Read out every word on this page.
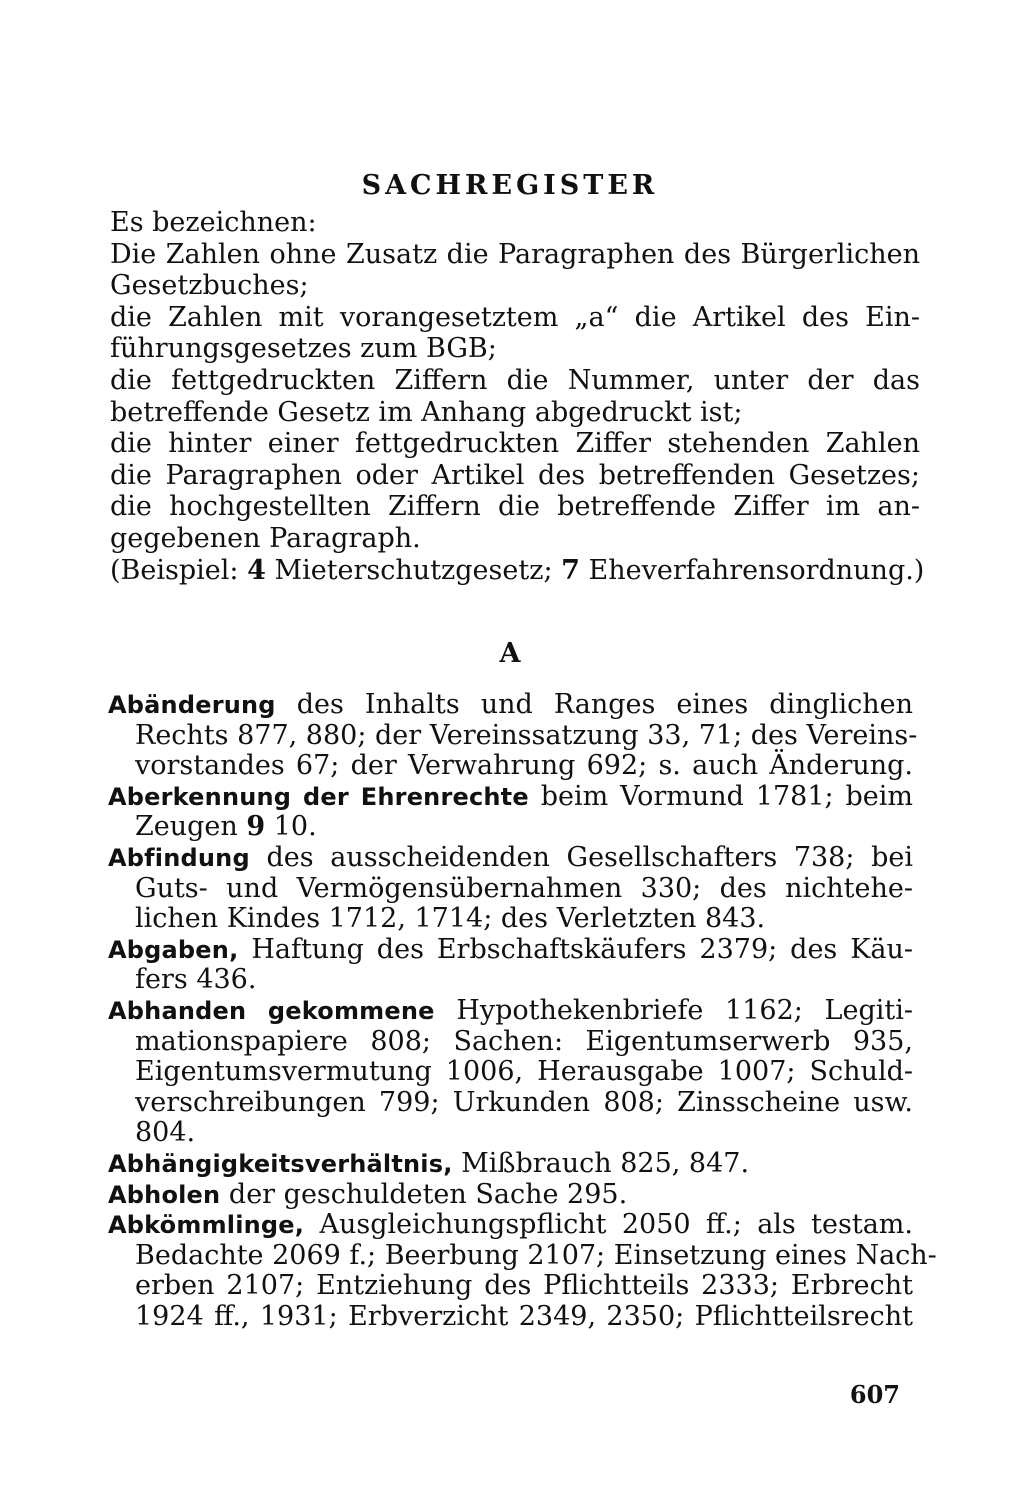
SACHREGISTER
Es bezeichnen:
Die Zahlen ohne Zusatz die Paragraphen des Bürgerlichen
Gesetzbuches;
die Zahlen mit vorangesetztem „a“ die Artikel des Ein-
führungsgesetzes zum BGB;
die fettgedruckten Ziffern die Nummer, unter der das
betreffende Gesetz im Anhang abgedruckt ist;
die hinter einer fettgedruckten Ziffer stehenden Zahlen
die Paragraphen oder Artikel des betreffenden Gesetzes;
die hochgestellten Ziffern die betreffende Ziffer im an-
gegebenen Paragraph.
(Beispiel: 4 Mieterschutzgesetz; 7 Eheverfahrensordnung.)
A
Abänderung des Inhalts und Ranges eines dinglichen
Rechts 877, 880; der Vereinssatzung 33, 71; des Vereins-
vorstandes 67; der Verwahrung 692; s. auch Änderung.
Aberkennung der Ehrenrechte beim Vormund 1781; beim
Zeugen 9 10.
Abfindung des ausscheidenden Gesellschafters 738; bei
Guts- und Vermögensübernahmen 330; des nichtehe-
lichen Kindes 1712, 1714; des Verletzten 843.
Abgaben, Haftung des Erbschaftskäufers 2379; des Käu-
fers 436.
Abhanden gekommene Hypothekenbriefe 1162; Legiti-
mationspapiere 808; Sachen: Eigentumserwerb 935,
Eigentumsvermutung 1006, Herausgabe 1007; Schuld-
verschreibungen 799; Urkunden 808; Zinsscheine usw.
804.
Abhängigkeitsverhältnis, Mißbrauch 825, 847.
Abholen der geschuldeten Sache 295.
Abkömmlinge, Ausgleichungspflicht 2050 ff.; als testam.
Bedachte 2069 f.; Beerbung 2107; Einsetzung eines Nach-
erben 2107; Entziehung des Pflichtteils 2333; Erbrecht
1924 ff., 1931; Erbverzicht 2349, 2350; Pflichtteilsrecht
607
